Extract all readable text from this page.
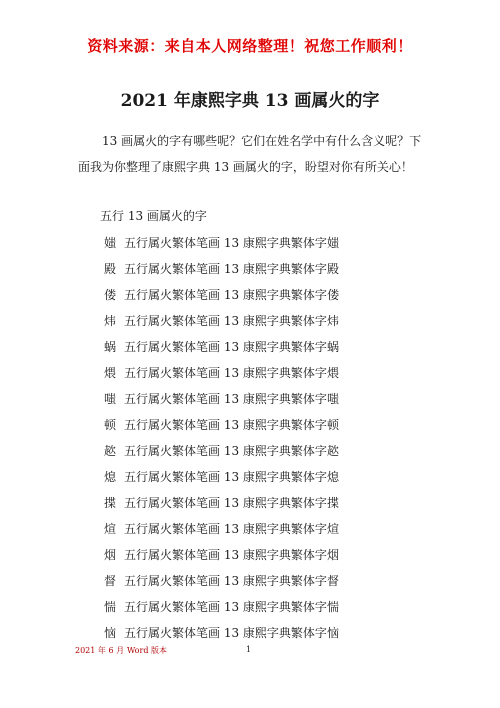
资料来源：来自本人网络整理！祝您工作顺利！
2021 年康熙字典 13 画属火的字
13 画属火的字有哪些呢？它们在姓名学中有什么含义呢？下面我为你整理了康熙字典 13 画属火的字，盼望对你有所关心！
五行 13 画属火的字
媸 五行属火繁体笔画 13 康熙字典繁体字 媸
殿 五行属火繁体笔画 13 康熙字典繁体字 殿
偻 五行属火繁体笔画 13 康熙字典繁体字 偻
炜 五行属火繁体笔画 13 康熙字典繁体字 炜
蜗 五行属火繁体笔画 13 康熙字典繁体字 蜗
煨 五行属火繁体笔画 13 康熙字典繁体字 煨
嗤 五行属火繁体笔画 13 康熙字典繁体字 嗤
顿 五行属火繁体笔画 13 康熙字典繁体字 顿
趑 五行属火繁体笔画 13 康熙字典繁体字 趑
熄 五行属火繁体笔画 13 康熙字典繁体字 熄
揲 五行属火繁体笔画 13 康熙字典繁体字 揲
煊 五行属火繁体笔画 13 康熙字典繁体字 煊
烟 五行属火繁体笔画 13 康熙字典繁体字 烟
督 五行属火繁体笔画 13 康熙字典繁体字 督
惴 五行属火繁体笔画 13 康熙字典繁体字 惴
恼 五行属火繁体笔画 13 康熙字典繁体字 恼
2021 年 6 月 Word 版本	1
